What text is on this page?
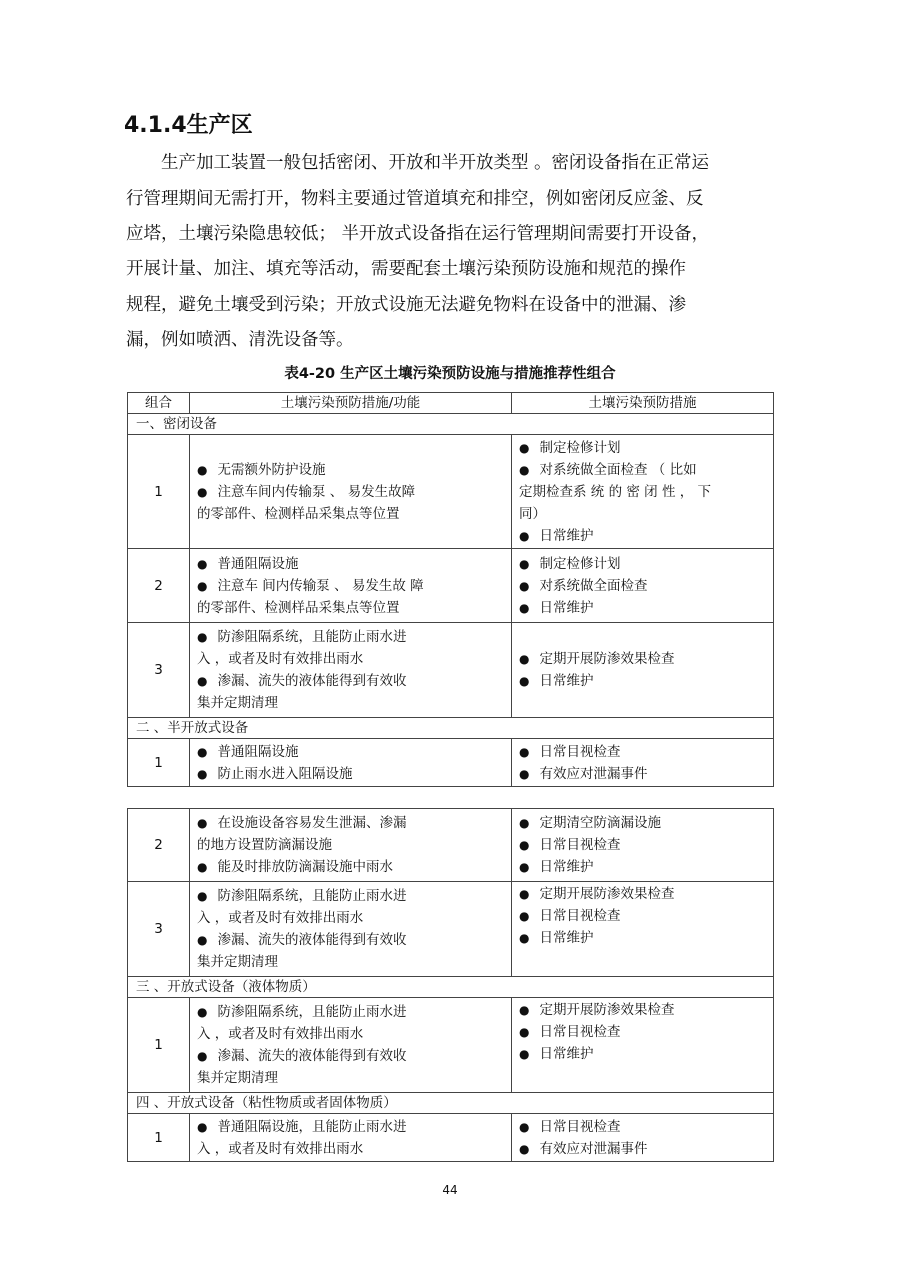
4.1.4生产区
　　生产加工装置一般包括密闭、开放和半开放类型 。密闭设备指在正常运
行管理期间无需打开，物料主要通过管道填充和排空，例如密闭反应釜、反
应塔，土壤污染隐患较低； 半开放式设备指在运行管理期间需要打开设备，
开展计量、加注、填充等活动，需要配套土壤污染预防设施和规范的操作
规程，避免土壤受到污染；开放式设施无法避免物料在设备中的泄漏、渗
漏，例如喷洒、清洗设备等。
表4-20 生产区土壤污染预防设施与措施推荐性组合
组合	土壤污染预防措施/功能	土壤污染预防措施
一、密闭设备		
1	● 无需额外防护设施
● 注意车间内传输泵 、 易发生故障
的零部件、检测样品采集点等位置	● 制定检修计划
● 对系统做全面检查 （ 比如
定期检查系 统 的 密 闭 性 ， 下
同）
● 日常维护

2	● 普通阻隔设施
● 注意车 间内传输泵 、 易发生故 障
的零部件、检测样品采集点等位置	● 制定检修计划
● 对系统做全面检查
● 日常维护

3	● 防渗阻隔系统，且能防止雨水进
入 ，或者及时有效排出雨水
● 渗漏、流失的液体能得到有效收
集并定期清理	● 定期开展防渗效果检查
● 日常维护

二 、半开放式设备		
1	● 普通阻隔设施
● 防止雨水进入阻隔设施	● 日常目视检查
● 有效应对泄漏事件
2	● 在设施设备容易发生泄漏、渗漏
的地方设置防滴漏设施
● 能及时排放防滴漏设施中雨水	● 定期清空防滴漏设施
● 日常目视检查
● 日常维护

3	● 防渗阻隔系统，且能防止雨水进
入 ，或者及时有效排出雨水
● 渗漏、流失的液体能得到有效收
集并定期清理	● 定期开展防渗效果检查
● 日常目视检查
● 日常维护

三 、开放式设备（液体物质）		
1	● 防渗阻隔系统，且能防止雨水进
入 ，或者及时有效排出雨水
● 渗漏、流失的液体能得到有效收
集并定期清理	● 定期开展防渗效果检查
● 日常目视检查
● 日常维护

四 、开放式设备（粘性物质或者固体物质）		
1	● 普通阻隔设施，且能防止雨水进
入 ，或者及时有效排出雨水	● 日常目视检查
● 有效应对泄漏事件
44
